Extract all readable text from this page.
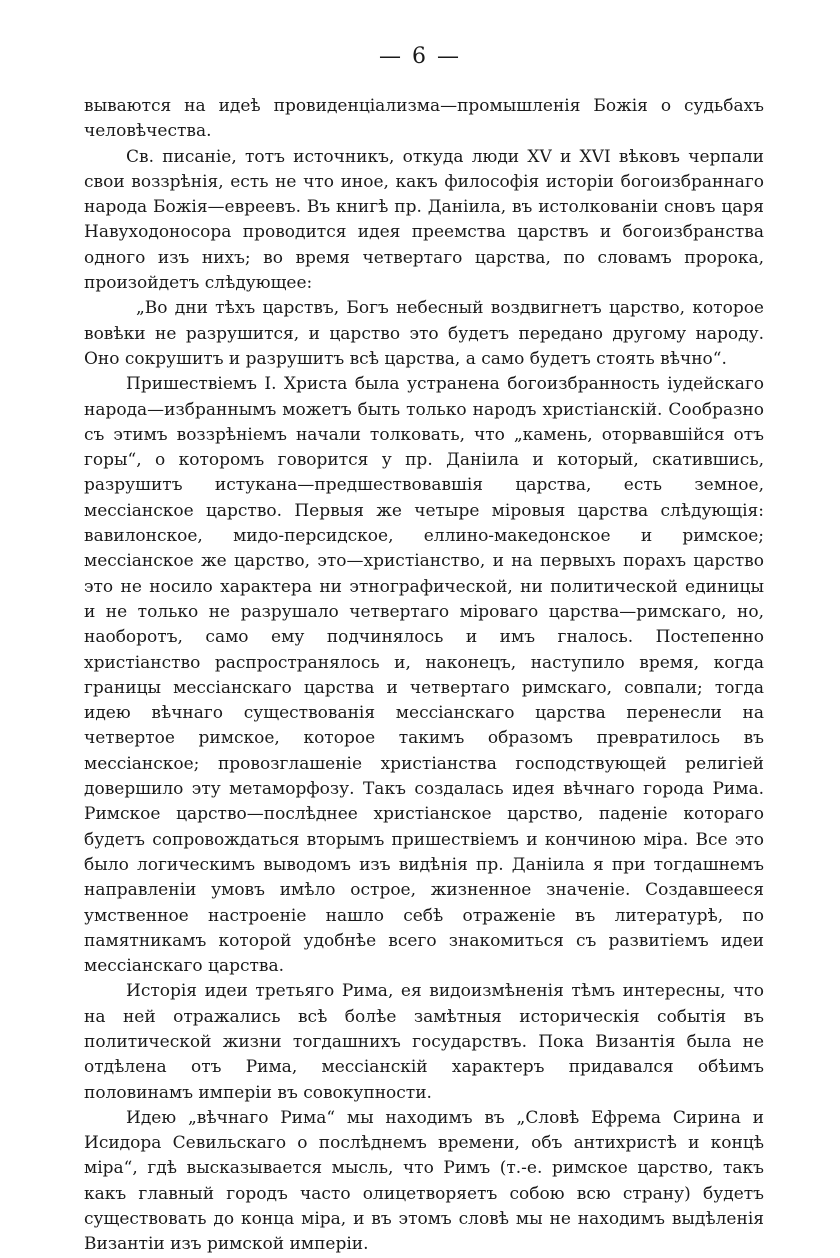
— 6 —

вываются на идеѣ провиденціализма—промышленія Божія о судьбахъ человѣчества.

Св. писаніе, тотъ источникъ, откуда люди XV и XVI вѣковъ черпали свои воззрѣнія, есть не что иное, какъ философія исторіи богоизбраннаго народа Божія—евреевъ. Въ книгѣ пр. Даніила, въ истолкованіи сновъ царя Навуходоносора проводится идея преемства царствъ и богоизбранства одного изъ нихъ; во время четвертаго царства, по словамъ пророка, произойдетъ слѣдующее:

„Во дни тѣхъ царствъ, Богъ небесный воздвигнетъ царство, которое вовѣки не разрушится, и царство это будетъ передано другому народу. Оно сокрушитъ и разрушитъ всѣ царства, а само будетъ стоять вѣчно“.

Пришествіемъ І. Христа была устранена богоизбранность іудейскаго народа—избраннымъ можетъ быть только народъ христіанскій. Сообразно съ этимъ воззрѣніемъ начали толковать, что „камень, оторвавшійся отъ горы“, о которомъ говорится у пр. Даніила и который, скатившись, разрушитъ истукана—предшествовавшія царства, есть земное, мессіанское царство. Первыя же четыре міровыя царства слѣдующія: вавилонское, мидо-персидское, еллино-македонское и римское; мессіанское же царство, это—христіанство, и на первыхъ порахъ царство это не носило характера ни этнографической, ни политической единицы и не только не разрушало четвертаго міроваго царства—римскаго, но, наоборотъ, само ему подчинялось и имъ гналось. Постепенно христіанство распространялось и, наконецъ, наступило время, когда границы мессіанскаго царства и четвертаго римскаго, совпали; тогда идею вѣчнаго существованія мессіанскаго царства перенесли на четвертое римское, которое такимъ образомъ превратилось въ мессіанское; провозглашеніе христіанства господствующей религіей довершило эту метаморфозу. Такъ создалась идея вѣчнаго города Рима. Римское царство—послѣднее христіанское царство, паденіе котораго будетъ сопровождаться вторымъ пришествіемъ и кончиною міра. Все это было логическимъ выводомъ изъ видѣнія пр. Даніила я при тогдашнемъ направленіи умовъ имѣло острое, жизненное значеніе. Создавшееся умственное настроеніе нашло себѣ отраженіе въ литературѣ, по памятникамъ которой удобнѣе всего знакомиться съ развитіемъ идеи мессіанскаго царства.

Исторія идеи третьяго Рима, ея видоизмѣненія тѣмъ интересны, что на ней отражались всѣ болѣе замѣтныя историческія событія въ политической жизни тогдашнихъ государствъ. Пока Византія была не отдѣлена отъ Рима, мессіанскій характеръ придавался обѣимъ половинамъ имперіи въ совокупности.

Идею „вѣчнаго Рима“ мы находимъ въ „Словѣ Ефрема Сирина и Исидора Севильскаго о послѣднемъ времени, объ антихристѣ и концѣ міра“, гдѣ высказывается мысль, что Римъ (т.-е. римское царство, такъ какъ главный городъ часто олицетворяетъ собою всю страну) будетъ существовать до конца міра, и въ этомъ словѣ мы не находимъ выдѣленія Византіи изъ римской имперіи.
